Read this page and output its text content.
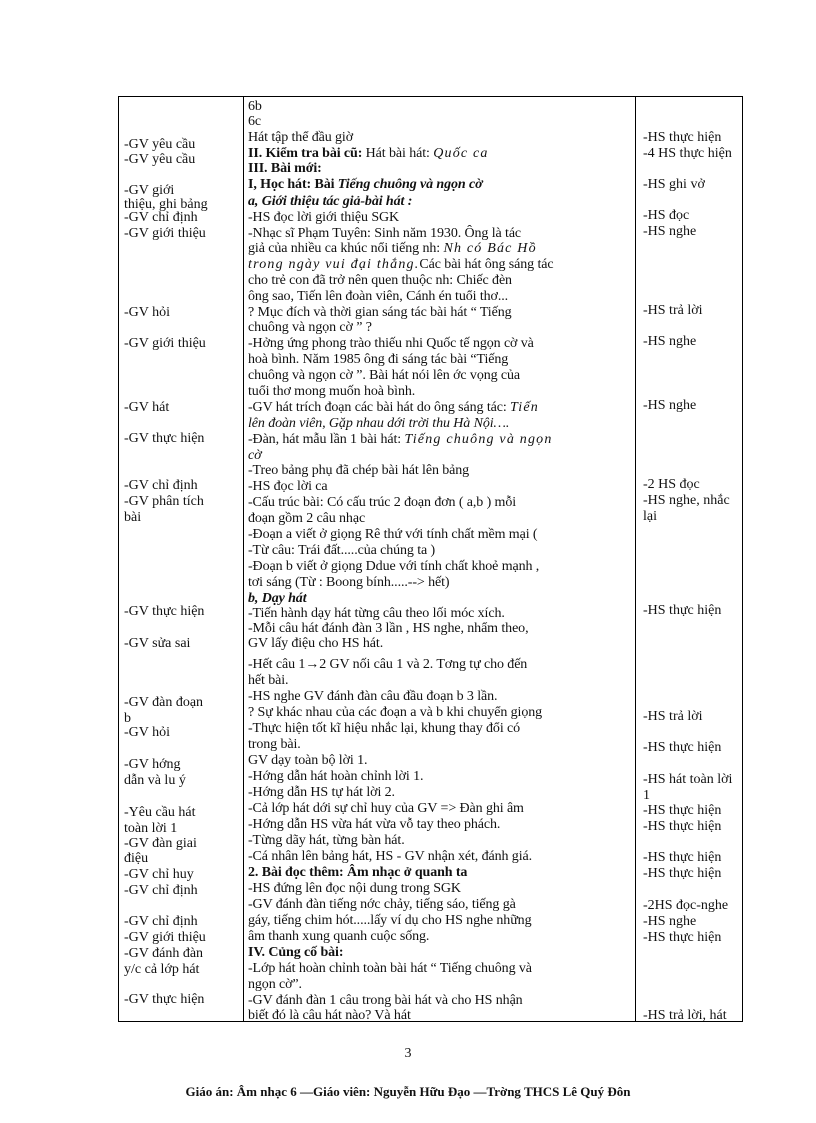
-GV yêu cầu
-GV yêu cầu
-GV giới
thiệu, ghi bảng
-GV chỉ định
-GV giới thiệu
-GV hỏi
-GV giới thiệu
-GV hát
-GV thực hiện
-GV chỉ định
-GV phân tích
bài
-GV thực hiện
-GV sửa sai
-GV đàn đoạn
b
-GV hỏi
-GV hớng
dẫn và lu ý
-Yêu cầu hát
toàn lời 1
-GV đàn giai
điệu
-GV chỉ huy
-GV chỉ định
-GV chỉ định
-GV giới thiệu
-GV đánh đàn
y/c cả lớp hát
-GV thực hiện
6b
6c
Hát tập thể đầu giờ
II. Kiểm tra bài cũ: Hát bài hát: Quốc ca
III. Bài mới:
I, Học hát: Bài Tiếng chuông và ngọn cờ
a, Giới thiệu tác giả-bài hát :
-HS đọc lời giới thiệu SGK
-Nhạc sĩ Phạm Tuyên: Sinh năm 1930. Ông là tác
giả của nhiều ca khúc nổi tiếng nh: Nh có Bác Hồ
trong ngày vui đại thắng.Các bài hát ông sáng tác
cho trẻ con đã trở nên quen thuộc nh: Chiếc đèn
ông sao, Tiến lên đoàn viên, Cánh én tuổi thơ...
? Mục đích và thời gian sáng tác bài hát “ Tiếng
chuông và ngọn cờ ” ?
-Hởng ứng phong trào thiếu nhi Quốc tế ngọn cờ và
hoà bình. Năm 1985 ông đi sáng tác bài “Tiếng
chuông và ngọn cờ ”. Bài hát nói lên ớc vọng của
tuổi thơ mong muốn hoà bình.
-GV hát trích đoạn các bài hát do ông sáng tác: Tiến
lên đoàn viên, Gặp nhau dới trời thu Hà Nội….
-Đàn, hát mẫu lần 1 bài hát: Tiếng chuông và ngọn
cờ
-Treo bảng phụ đã chép bài hát lên bảng
-HS đọc lời ca
-Cấu trúc bài: Có cấu trúc 2 đoạn đơn ( a,b ) mỗi
đoạn gồm 2 câu nhạc
-Đoạn a viết ở giọng Rê thứ với tính chất mềm mại (
-Từ câu: Trái đất.....của chúng ta )
-Đoạn b viết ở giọng Ddue với tính chất khoẻ mạnh ,
tơi sáng (Từ : Boong bính.....--> hết)
b, Dạy hát
-Tiến hành dạy hát từng câu theo lối móc xích.
-Mỗi câu hát đánh đàn 3 lần , HS nghe, nhẩm theo,
GV lấy điệu cho HS hát.
-Hết câu 1→2 GV nối câu 1 và 2. Tơng tự cho đến
hết bài.
-HS nghe GV đánh đàn câu đầu đoạn b 3 lần.
? Sự khác nhau của các đoạn a và b khi chuyển giọng
-Thực hiện tốt kĩ hiệu nhắc lại, khung thay đổi có
trong bài.
GV dạy toàn bộ lời 1.
-Hớng dẫn hát hoàn chỉnh lời 1.
-Hớng dẫn HS tự hát lời 2.
-Cả lớp hát dới sự chỉ huy của GV => Đàn ghi âm
-Hớng dẫn HS vừa hát vừa vỗ tay theo phách.
-Từng dãy hát, từng bàn hát.
-Cá nhân lên bảng hát, HS - GV nhận xét, đánh giá.
2. Bài đọc thêm: Âm nhạc ở quanh ta
-HS đứng lên đọc nội dung trong SGK
-GV đánh đàn tiếng nớc chảy, tiếng sáo, tiếng gà
gáy, tiếng chim hót.....lấy ví dụ cho HS nghe những
âm thanh xung quanh cuộc sống.
IV. Củng cố bài:
-Lớp hát hoàn chỉnh toàn bài hát “ Tiếng chuông và
ngọn cờ”.
-GV đánh đàn 1 câu trong bài hát và cho HS nhận
biết đó là câu hát nào? Và hát
-HS thực hiện
-4 HS thực hiện
-HS ghi vở
-HS đọc
-HS nghe
-HS trả lời
-HS nghe
-HS nghe
-2 HS đọc
-HS nghe, nhắc
lại
-HS thực hiện
-HS trả lời
-HS thực hiện
-HS hát toàn lời
1
-HS thực hiện
-HS thực hiện
-HS thực hiện
-HS thực hiện
-2HS đọc-nghe
-HS nghe
-HS thực hiện
-HS trả lời, hát
3
Giáo án: Âm nhạc 6 —Giáo viên: Nguyễn Hữu Đạo —Trờng THCS Lê Quý Đôn
